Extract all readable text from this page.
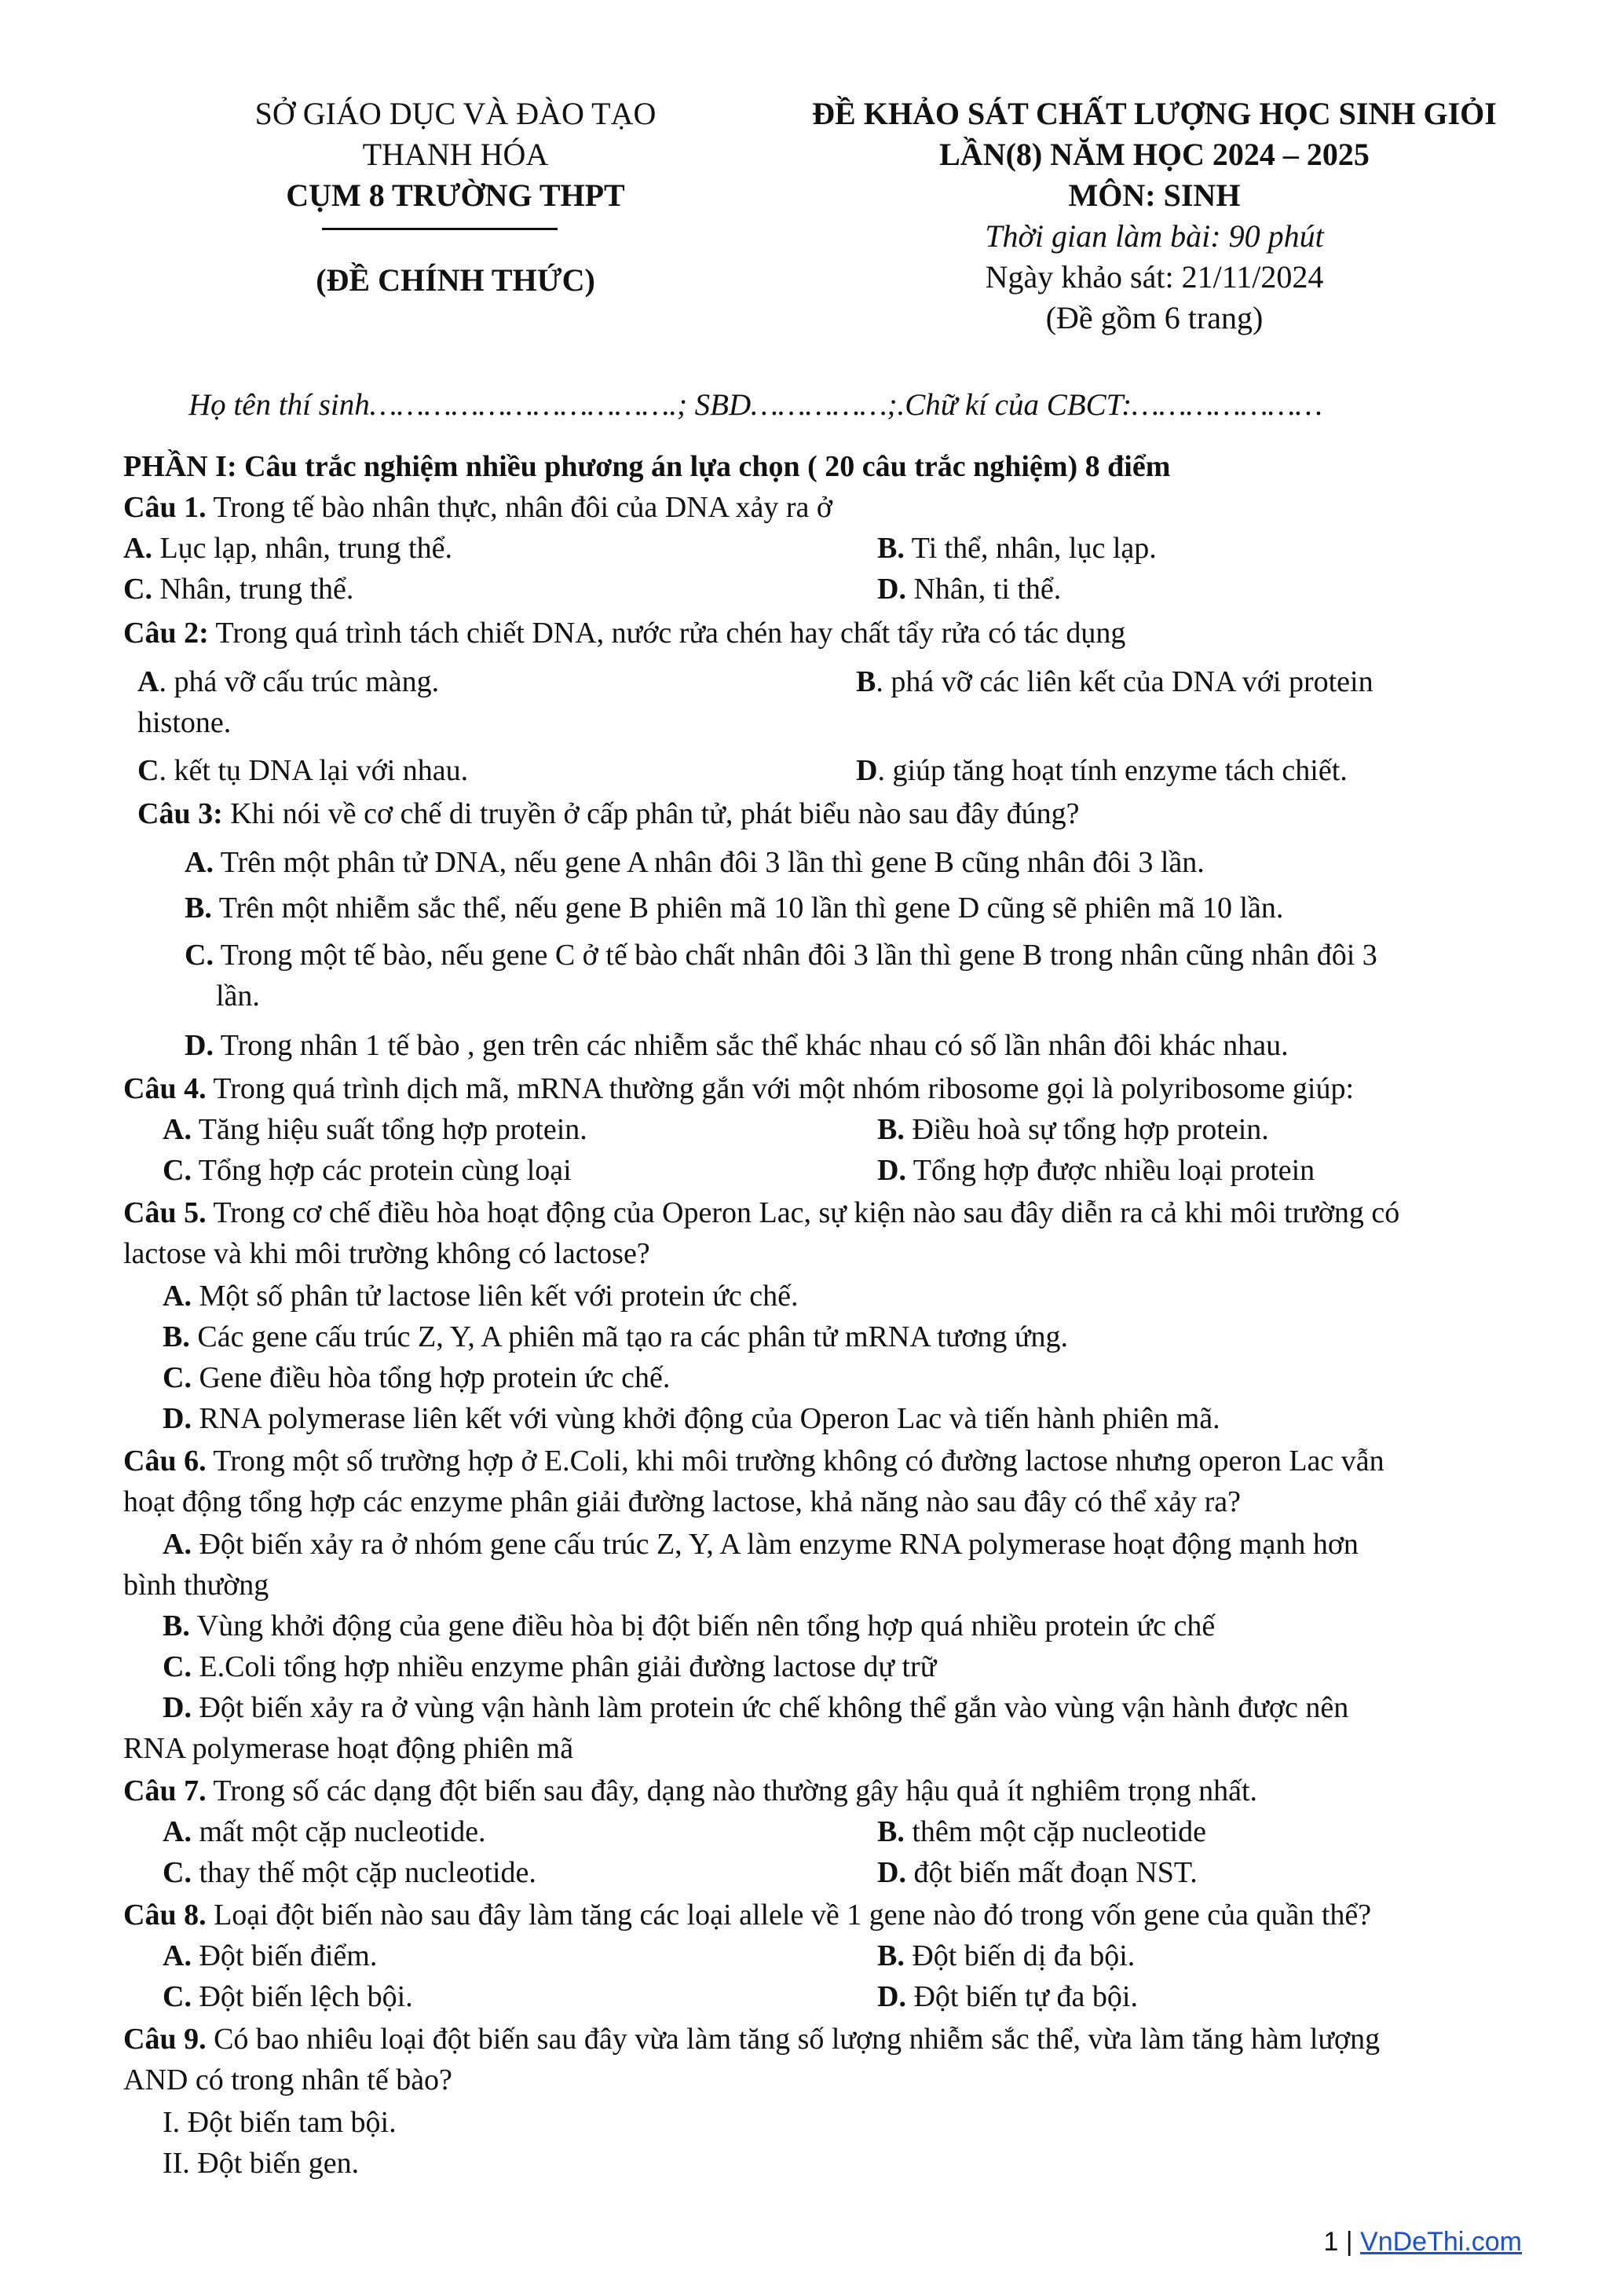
SỞ GIÁO DỤC VÀ ĐÀO TẠO
THANH HÓA
CỤM 8 TRƯỜNG THPT
(ĐỀ CHÍNH THỨC)
ĐỀ KHẢO SÁT CHẤT LƯỢNG HỌC SINH GIỎI
LẦN(8) NĂM HỌC 2024 – 2025
MÔN: SINH
Thời gian làm bài: 90 phút
Ngày khảo sát: 21/11/2024
(Đề gồm 6 trang)
Họ tên thí sinh…………………………….; SBD……………;.Chữ kí của CBCT:…………………
PHẦN I: Câu trắc nghiệm nhiều phương án lựa chọn ( 20 câu trắc nghiệm) 8 điểm
Câu 1. Trong tế bào nhân thực, nhân đôi của DNA xảy ra ở
A. Lục lạp, nhân, trung thể.	B. Ti thể, nhân, lục lạp.
C. Nhân, trung thể.	D. Nhân, ti thể.
Câu 2: Trong quá trình tách chiết DNA, nước rửa chén hay chất tẩy rửa có tác dụng
A. phá vỡ cấu trúc màng.	B. phá vỡ các liên kết của DNA với protein
histone.
C. kết tụ DNA lại với nhau.	D. giúp tăng hoạt tính enzyme tách chiết.
Câu 3: Khi nói về cơ chế di truyền ở cấp phân tử, phát biểu nào sau đây đúng?
A. Trên một phân tử DNA, nếu gene A nhân đôi 3 lần thì gene B cũng nhân đôi 3 lần.
B. Trên một nhiễm sắc thể, nếu gene B phiên mã 10 lần thì gene D cũng sẽ phiên mã 10 lần.
C. Trong một tế bào, nếu gene C ở tế bào chất nhân đôi 3 lần thì gene B trong nhân cũng nhân đôi 3
lần.
D. Trong nhân 1 tế bào , gen trên các nhiễm sắc thể khác nhau có số lần nhân đôi khác nhau.
Câu 4. Trong quá trình dịch mã, mRNA thường gắn với một nhóm ribosome gọi là polyribosome giúp:
A. Tăng hiệu suất tổng hợp protein.	B. Điều hoà sự tổng hợp protein.
C. Tổng hợp các protein cùng loại	D. Tổng hợp được nhiều loại protein
Câu 5. Trong cơ chế điều hòa hoạt động của Operon Lac, sự kiện nào sau đây diễn ra cả khi môi trường có
lactose và khi môi trường không có lactose?
A. Một số phân tử lactose liên kết với protein ức chế.
B. Các gene cấu trúc Z, Y, A phiên mã tạo ra các phân tử mRNA tương ứng.
C. Gene điều hòa tổng hợp protein ức chế.
D. RNA polymerase liên kết với vùng khởi động của Operon Lac và tiến hành phiên mã.
Câu 6. Trong một số trường hợp ở E.Coli, khi môi trường không có đường lactose nhưng operon Lac vẫn
hoạt động tổng hợp các enzyme phân giải đường lactose, khả năng nào sau đây có thể xảy ra?
A. Đột biến xảy ra ở nhóm gene cấu trúc Z, Y, A làm enzyme RNA polymerase hoạt động mạnh hơn
bình thường
B. Vùng khởi động của gene điều hòa bị đột biến nên tổng hợp quá nhiều protein ức chế
C. E.Coli tổng hợp nhiều enzyme phân giải đường lactose dự trữ
D. Đột biến xảy ra ở vùng vận hành làm protein ức chế không thể gắn vào vùng vận hành được nên
RNA polymerase hoạt động phiên mã
Câu 7. Trong số các dạng đột biến sau đây, dạng nào thường gây hậu quả ít nghiêm trọng nhất.
A. mất một cặp nucleotide.	B. thêm một cặp nucleotide
C. thay thế một cặp nucleotide.	D. đột biến mất đoạn NST.
Câu 8. Loại đột biến nào sau đây làm tăng các loại allele về 1 gene nào đó trong vốn gene của quần thể?
A. Đột biến điểm.	B. Đột biến dị đa bội.
C. Đột biến lệch bội.	D. Đột biến tự đa bội.
Câu 9. Có bao nhiêu loại đột biến sau đây vừa làm tăng số lượng nhiễm sắc thể, vừa làm tăng hàm lượng
AND có trong nhân tế bào?
I. Đột biến tam bội.
II. Đột biến gen.
1 | VnDeThi.com
